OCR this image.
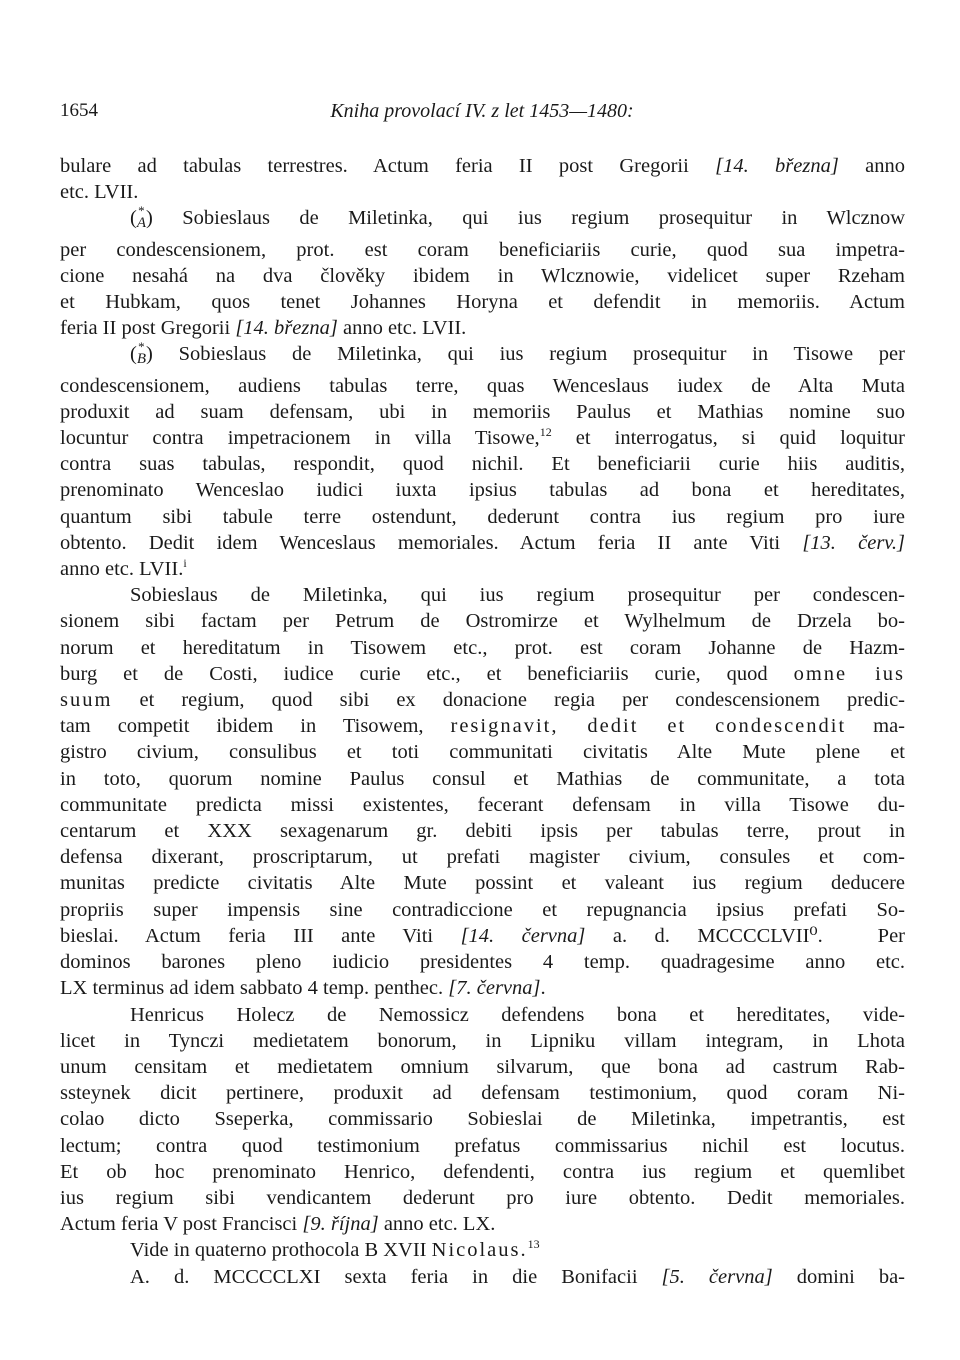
1654	Kniha provolací IV. z let 1453—1480:
bulare ad tabulas terrestres. Actum feria II post Gregorii [14. března] anno
etc. LVII.
( *
A) Sobieslaus de Miletinka, qui ius regium prosequitur in Wlcznow
per condescensionem, prot. est coram beneficiariis curie, quod sua impetra-
cione nesahá na dva člověky ibidem in Wlcznowie, videlicet super Rzeham
et Hubkam, quos tenet Johannes Horyna et defendit in memoriis. Actum
feria II post Gregorii [14. března] anno etc. LVII.
( *
B) Sobieslaus de Miletinka, qui ius regium prosequitur in Tisowe per
condescensionem, audiens tabulas terre, quas Wenceslaus iudex de Alta Muta
produxit ad suam defensam, ubi in memoriis Paulus et Mathias nomine suo
locuntur contra impetracionem in villa Tisowe,$^{12}$ et interrogatus, si quid loquitur
contra suas tabulas, respondit, quod nichil. Et beneficiarii curie hiis auditis,
prenominato Wenceslao iudici iuxta ipsius tabulas ad bona et hereditates,
quantum sibi tabule terre ostendunt, dederunt contra ius regium pro iure
obtento. Dedit idem Wenceslaus memoriales. Actum feria II ante Viti [13. červ.]
anno etc. LVII.$^i$
Sobieslaus de Miletinka, qui ius regium prosequitur per condescen-
sionem sibi factam per Petrum de Ostromirze et Wylhelmum de Drzela bo-
norum et hereditatum in Tisowem etc., prot. est coram Johanne de Hazm-
burg et de Costi, iudice curie etc., et beneficiariis curie, quod omne ius
suum et regium, quod sibi ex donacione regia per condescensionem predic-
tam competit ibidem in Tisowem, resignavit, dedit et condescendit ma-
gistro civium, consulibus et toti communitati civitatis Alte Mute plene et
in toto, quorum nomine Paulus consul et Mathias de communitate, a tota
communitate predicta missi existentes, fecerant defensam in villa Tisowe du-
centarum et XXX sexagenarum gr. debiti ipsis per tabulas terre, prout in
defensa dixerant, proscriptarum, ut prefati magister civium, consules et com-
munitas predicte civitatis Alte Mute possint et valeant ius regium deducere
propriis super impensis sine contradiccione et repugnancia ipsius prefati So-
bieslai. Actum feria III ante Viti [14. června] a. d. MCCCCLVII⁰.  Per
dominos barones pleno iudicio presidentes 4 temp. quadragesime anno etc.
LX terminus ad idem sabbato 4 temp. penthec. [7. června].
Henricus Holecz de Nemossicz defendens bona et hereditates, vide-
licet in Tynczi medietatem bonorum, in Lipniku villam integram, in Lhota
unum censitam et medietatem omnium silvarum, que bona ad castrum Rab-
ssteynek dicit pertinere, produxit ad defensam testimonium, quod coram Ni-
colao dicto Sseperka, commissario Sobieslai de Miletinka, impetrantis, est
lectum; contra quod testimonium prefatus commissarius nichil est locutus.
Et ob hoc prenominato Henrico, defendenti, contra ius regium et quemlibet
ius regium sibi vendicantem dederunt pro iure obtento. Dedit memoriales.
Actum feria V post Francisci [9. října] anno etc. LX.
Vide in quaterno prothocola B XVII Nicolaus.$^{13}$
A. d. MCCCCLXI sexta feria in die Bonifacii [5. června] domini ba-
